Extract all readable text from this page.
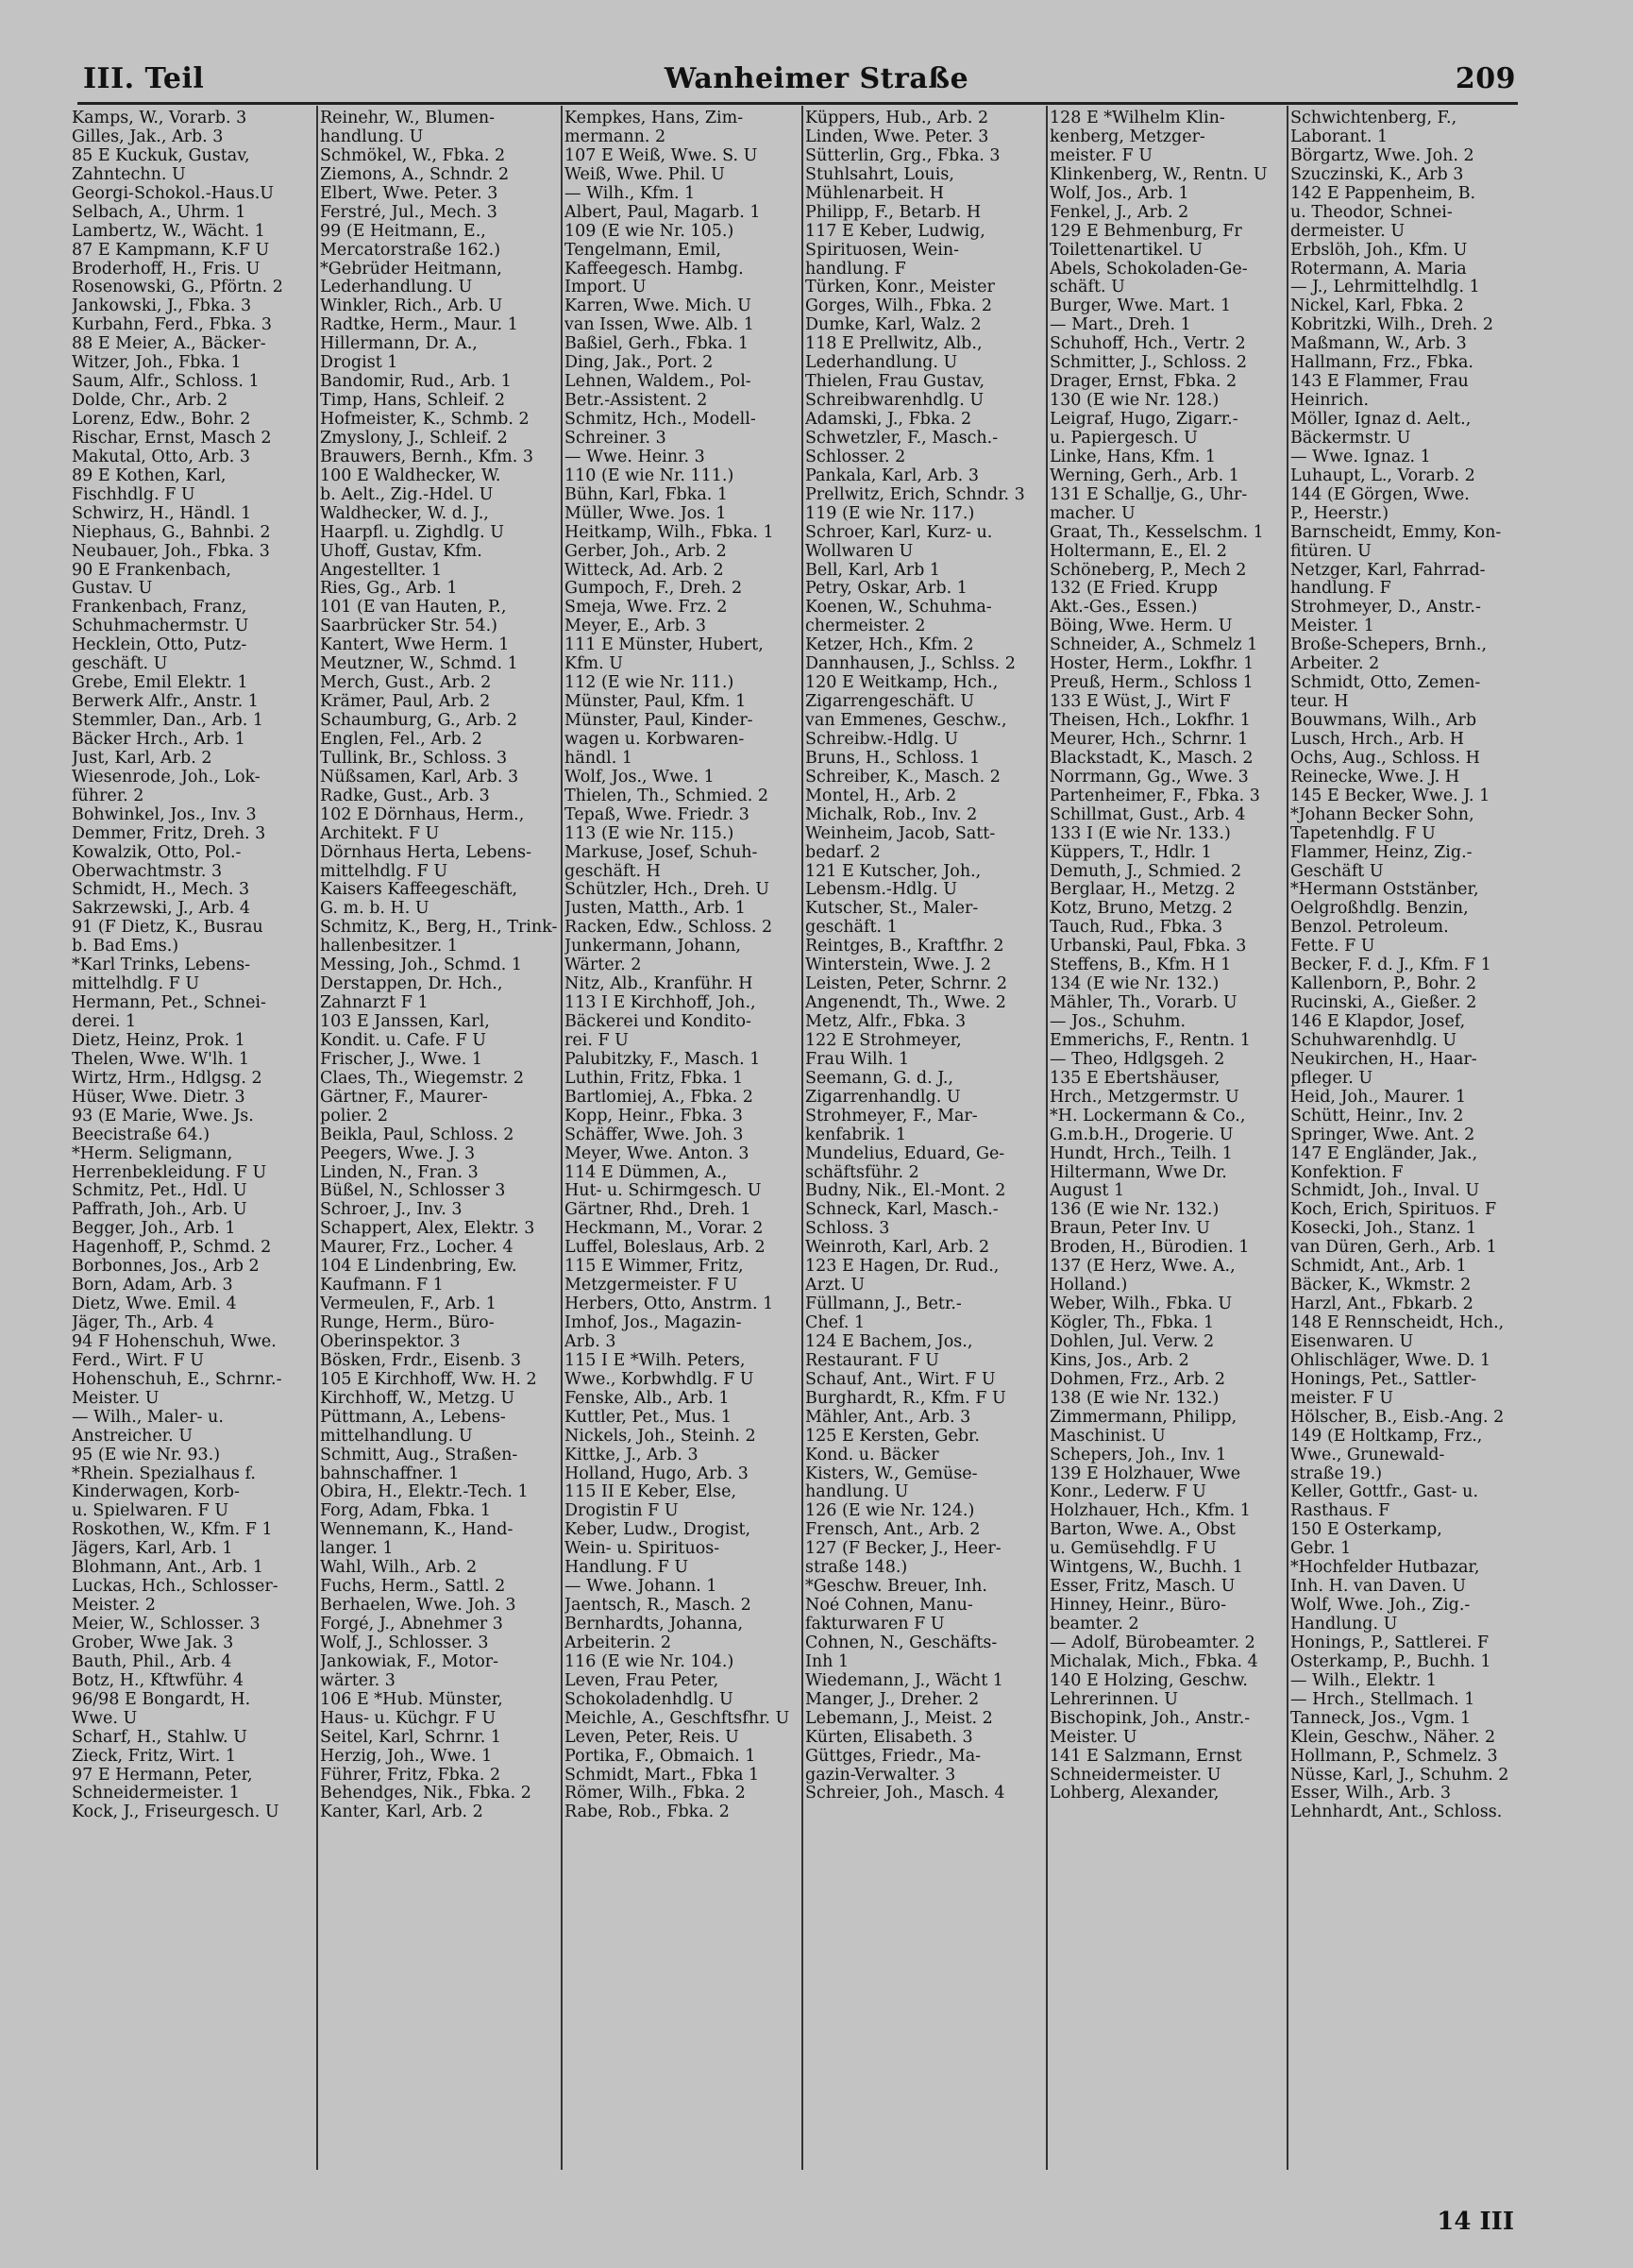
III. Teil	Wanheimer Straße	209
Kamps, W., Vorarb. 3
Gilles, Jak., Arb. 3
85 E Kuckuk, Gustav,
Zahntechn. U
Georgi-Schokol.-Haus.U
Selbach, A., Uhrm. 1
Lambertz, W., Wächt. 1
87 E Kampmann, K.F U
Broderhoff, H., Fris. U
Rosenowski, G., Pförtn. 2
Jankowski, J., Fbka. 3
Kurbahn, Ferd., Fbka. 3
88 E Meier, A., Bäcker-
Witzer, Joh., Fbka. 1
Saum, Alfr., Schloss. 1
Dolde, Chr., Arb. 2
Lorenz, Edw., Bohr. 2
Rischar, Ernst, Masch 2
Makutal, Otto, Arb. 3
89 E Kothen, Karl,
Fischhdlg. F U
Schwirz, H., Händl. 1
Niephaus, G., Bahnbi. 2
Neubauer, Joh., Fbka. 3
90 E Frankenbach,
Gustav. U
Frankenbach, Franz,
Schuhmachermstr. U
Hecklein, Otto, Putz-
geschäft. U
Grebe, Emil Elektr. 1
Berwerk Alfr., Anstr. 1
Stemmler, Dan., Arb. 1
Bäcker Hrch., Arb. 1
Just, Karl, Arb. 2
Wiesenrode, Joh., Lok-
führer. 2
Bohwinkel, Jos., Inv. 3
Demmer, Fritz, Dreh. 3
Kowalzik, Otto, Pol.-
Oberwachtmstr. 3
Schmidt, H., Mech. 3
Sakrzewski, J., Arb. 4
91 (F Dietz, K., Busrau
b. Bad Ems.)
*Karl Trinks, Lebens-
mittelhdlg. F U
Hermann, Pet., Schnei-
derei. 1
Dietz, Heinz, Prok. 1
Thelen, Wwe. W'lh. 1
Wirtz, Hrm., Hdlgsg. 2
Hüser, Wwe. Dietr. 3
93 (E Marie, Wwe. Js.
Beecistraße 64.)
*Herm. Seligmann,
Herrenbekleidung. F U
Schmitz, Pet., Hdl. U
Paffrath, Joh., Arb. U
Begger, Joh., Arb. 1
Hagenhoff, P., Schmd. 2
Borbonnes, Jos., Arb 2
Born, Adam, Arb. 3
Dietz, Wwe. Emil. 4
Jäger, Th., Arb. 4
94 F Hohenschuh, Wwe.
Ferd., Wirt. F U
Hohenschuh, E., Schrnr.-
Meister. U
— Wilh., Maler- u.
Anstreicher. U
95 (E wie Nr. 93.)
*Rhein. Spezialhaus f.
Kinderwagen, Korb-
u. Spielwaren. F U
Roskothen, W., Kfm. F 1
Jägers, Karl, Arb. 1
Blohmann, Ant., Arb. 1
Luckas, Hch., Schlosser-
Meister. 2
Meier, W., Schlosser. 3
Grober, Wwe Jak. 3
Bauth, Phil., Arb. 4
Botz, H., Kftwführ. 4
96/98 E Bongardt, H.
Wwe. U
Scharf, H., Stahlw. U
Zieck, Fritz, Wirt. 1
97 E Hermann, Peter,
Schneidermeister. 1
Kock, J., Friseurgesch. U
Reinehr, W., Blumen-
handlung. U
Schmökel, W., Fbka. 2
Ziemons, A., Schndr. 2
Elbert, Wwe. Peter. 3
Ferstré, Jul., Mech. 3
99 (E Heitmann, E.,
Mercatorstraße 162.)
*Gebrüder Heitmann,
Lederhandlung. U
Winkler, Rich., Arb. U
Radtke, Herm., Maur. 1
Hillermann, Dr. A.,
Drogist 1
Bandomir, Rud., Arb. 1
Timp, Hans, Schleif. 2
Hofmeister, K., Schmb. 2
Zmyslony, J., Schleif. 2
Brauwers, Bernh., Kfm. 3
100 E Waldhecker, W.
b. Aelt., Zig.-Hdel. U
Waldhecker, W. d. J.,
Haarpfl. u. Zighdlg. U
Uhoff, Gustav, Kfm.
Angestellter. 1
Ries, Gg., Arb. 1
101 (E van Hauten, P.,
Saarbrücker Str. 54.)
Kantert, Wwe Herm. 1
Meutzner, W., Schmd. 1
Merch, Gust., Arb. 2
Krämer, Paul, Arb. 2
Schaumburg, G., Arb. 2
Englen, Fel., Arb. 2
Tullink, Br., Schloss. 3
Nüßsamen, Karl, Arb. 3
Radke, Gust., Arb. 3
102 E Dörnhaus, Herm.,
Architekt. F U
Dörnhaus Herta, Lebens-
mittelhdlg. F U
Kaisers Kaffeegeschäft,
G. m. b. H. U
Schmitz, K., Berg, H., Trink-
hallenbesitzer. 1
Messing, Joh., Schmd. 1
Derstappen, Dr. Hch.,
Zahnarzt F 1
103 E Janssen, Karl,
Kondit. u. Cafe. F U
Frischer, J., Wwe. 1
Claes, Th., Wiegemstr. 2
Gärtner, F., Maurer-
polier. 2
Beikla, Paul, Schloss. 2
Peegers, Wwe. J. 3
Linden, N., Fran. 3
Büßel, N., Schlosser 3
Schroer, J., Inv. 3
Schappert, Alex, Elektr. 3
Maurer, Frz., Locher. 4
104 E Lindenbring, Ew.
Kaufmann. F 1
Vermeulen, F., Arb. 1
Runge, Herm., Büro-
Oberinspektor. 3
Bösken, Frdr., Eisenb. 3
105 E Kirchhoff, Ww. H. 2
Kirchhoff, W., Metzg. U
Püttmann, A., Lebens-
mittelhandlung. U
Schmitt, Aug., Straßen-
bahnschaffner. 1
Obira, H., Elektr.-Tech. 1
Forg, Adam, Fbka. 1
Wennemann, K., Hand-
langer. 1
Wahl, Wilh., Arb. 2
Fuchs, Herm., Sattl. 2
Berhaelen, Wwe. Joh. 3
Forgé, J., Abnehmer 3
Wolf, J., Schlosser. 3
Jankowiak, F., Motor-
wärter. 3
106 E *Hub. Münster,
Haus- u. Küchgr. F U
Seitel, Karl, Schrnr. 1
Herzig, Joh., Wwe. 1
Führer, Fritz, Fbka. 2
Behendges, Nik., Fbka. 2
Kanter, Karl, Arb. 2
Kempkes, Hans, Zim-
mermann. 2
107 E Weiß, Wwe. S. U
Weiß, Wwe. Phil. U
— Wilh., Kfm. 1
Albert, Paul, Magarb. 1
109 (E wie Nr. 105.)
Tengelmann, Emil,
Kaffeegesch. Hambg.
Import. U
Karren, Wwe. Mich. U
van Issen, Wwe. Alb. 1
Baßiel, Gerh., Fbka. 1
Ding, Jak., Port. 2
Lehnen, Waldem., Pol-
Betr.-Assistent. 2
Schmitz, Hch., Modell-
Schreiner. 3
— Wwe. Heinr. 3
110 (E wie Nr. 111.)
Bühn, Karl, Fbka. 1
Müller, Wwe. Jos. 1
Heitkamp, Wilh., Fbka. 1
Gerber, Joh., Arb. 2
Witteck, Ad. Arb. 2
Gumpoch, F., Dreh. 2
Smeja, Wwe. Frz. 2
Meyer, E., Arb. 3
111 E Münster, Hubert,
Kfm. U
112 (E wie Nr. 111.)
Münster, Paul, Kfm. 1
Münster, Paul, Kinder-
wagen u. Korbwaren-
händl. 1
Wolf, Jos., Wwe. 1
Thielen, Th., Schmied. 2
Tepaß, Wwe. Friedr. 3
113 (E wie Nr. 115.)
Markuse, Josef, Schuh-
geschäft. H
Schützler, Hch., Dreh. U
Justen, Matth., Arb. 1
Racken, Edw., Schloss. 2
Junkermann, Johann,
Wärter. 2
Nitz, Alb., Kranführ. H
113 I E Kirchhoff, Joh.,
Bäckerei und Kondito-
rei. F U
Palubitzky, F., Masch. 1
Luthin, Fritz, Fbka. 1
Bartlomiej, A., Fbka. 2
Kopp, Heinr., Fbka. 3
Schäffer, Wwe. Joh. 3
Meyer, Wwe. Anton. 3
114 E Dümmen, A.,
Hut- u. Schirmgesch. U
Gärtner, Rhd., Dreh. 1
Heckmann, M., Vorar. 2
Luffel, Boleslaus, Arb. 2
115 E Wimmer, Fritz,
Metzgermeister. F U
Herbers, Otto, Anstrm. 1
Imhof, Jos., Magazin-
Arb. 3
115 I E *Wilh. Peters,
Wwe., Korbwhdlg. F U
Fenske, Alb., Arb. 1
Kuttler, Pet., Mus. 1
Nickels, Joh., Steinh. 2
Kittke, J., Arb. 3
Holland, Hugo, Arb. 3
115 II E Keber, Else,
Drogistin F U
Keber, Ludw., Drogist,
Wein- u. Spirituos-
Handlung. F U
— Wwe. Johann. 1
Jaentsch, R., Masch. 2
Bernhardts, Johanna,
Arbeiterin. 2
116 (E wie Nr. 104.)
Leven, Frau Peter,
Schokoladenhdlg. U
Meichle, A., Geschftsfhr. U
Leven, Peter, Reis. U
Portika, F., Obmaich. 1
Schmidt, Mart., Fbka 1
Römer, Wilh., Fbka. 2
Rabe, Rob., Fbka. 2
Küppers, Hub., Arb. 2
Linden, Wwe. Peter. 3
Sütterlin, Grg., Fbka. 3
Stuhlsahrt, Louis,
Mühlenarbeit. H
Philipp, F., Betarb. H
117 E Keber, Ludwig,
Spirituosen, Wein-
handlung. F
Türken, Konr., Meister
Gorges, Wilh., Fbka. 2
Dumke, Karl, Walz. 2
118 E Prellwitz, Alb.,
Lederhandlung. U
Thielen, Frau Gustav,
Schreibwarenhdlg. U
Adamski, J., Fbka. 2
Schwetzler, F., Masch.-
Schlosser. 2
Pankala, Karl, Arb. 3
Prellwitz, Erich, Schndr. 3
119 (E wie Nr. 117.)
Schroer, Karl, Kurz- u.
Wollwaren U
Bell, Karl, Arb 1
Petry, Oskar, Arb. 1
Koenen, W., Schuhma-
chermeister. 2
Ketzer, Hch., Kfm. 2
Dannhausen, J., Schlss. 2
120 E Weitkamp, Hch.,
Zigarrengeschäft. U
van Emmenes, Geschw.,
Schreibw.-Hdlg. U
Bruns, H., Schloss. 1
Schreiber, K., Masch. 2
Montel, H., Arb. 2
Michalk, Rob., Inv. 2
Weinheim, Jacob, Satt-
bedarf. 2
121 E Kutscher, Joh.,
Lebensm.-Hdlg. U
Kutscher, St., Maler-
geschäft. 1
Reintges, B., Kraftfhr. 2
Winterstein, Wwe. J. 2
Leisten, Peter, Schrnr. 2
Angenendt, Th., Wwe. 2
Metz, Alfr., Fbka. 3
122 E Strohmeyer,
Frau Wilh. 1
Seemann, G. d. J.,
Zigarrenhandlg. U
Strohmeyer, F., Mar-
kenfabrik. 1
Mundelius, Eduard, Ge-
schäftsführ. 2
Budny, Nik., El.-Mont. 2
Schneck, Karl, Masch.-
Schloss. 3
Weinroth, Karl, Arb. 2
123 E Hagen, Dr. Rud.,
Arzt. U
Füllmann, J., Betr.-
Chef. 1
124 E Bachem, Jos.,
Restaurant. F U
Schauf, Ant., Wirt. F U
Burghardt, R., Kfm. F U
Mähler, Ant., Arb. 3
125 E Kersten, Gebr.
Kond. u. Bäcker
Kisters, W., Gemüse-
handlung. U
126 (E wie Nr. 124.)
Frensch, Ant., Arb. 2
127 (F Becker, J., Heer-
straße 148.)
*Geschw. Breuer, Inh.
Noé Cohnen, Manu-
fakturwaren F U
Cohnen, N., Geschäfts-
Inh 1
Wiedemann, J., Wächt 1
Manger, J., Dreher. 2
Lebemann, J., Meist. 2
Kürten, Elisabeth. 3
Güttges, Friedr., Ma-
gazin-Verwalter. 3
Schreier, Joh., Masch. 4
128 E *Wilhelm Klin-
kenberg, Metzger-
meister. F U
Klinkenberg, W., Rentn. U
Wolf, Jos., Arb. 1
Fenkel, J., Arb. 2
129 E Behmenburg, Fr
Toilettenartikel. U
Abels, Schokoladen-Ge-
schäft. U
Burger, Wwe. Mart. 1
— Mart., Dreh. 1
Schuhoff, Hch., Vertr. 2
Schmitter, J., Schloss. 2
Drager, Ernst, Fbka. 2
130 (E wie Nr. 128.)
Leigraf, Hugo, Zigarr.-
u. Papiergesch. U
Linke, Hans, Kfm. 1
Werning, Gerh., Arb. 1
131 E Schallje, G., Uhr-
macher. U
Graat, Th., Kesselschm. 1
Holtermann, E., El. 2
Schöneberg, P., Mech 2
132 (E Fried. Krupp
Akt.-Ges., Essen.)
Böing, Wwe. Herm. U
Schneider, A., Schmelz 1
Hoster, Herm., Lokfhr. 1
Preuß, Herm., Schloss 1
133 E Wüst, J., Wirt F
Theisen, Hch., Lokfhr. 1
Meurer, Hch., Schrnr. 1
Blackstadt, K., Masch. 2
Norrmann, Gg., Wwe. 3
Partenheimer, F., Fbka. 3
Schillmat, Gust., Arb. 4
133 I (E wie Nr. 133.)
Küppers, T., Hdlr. 1
Demuth, J., Schmied. 2
Berglaar, H., Metzg. 2
Kotz, Bruno, Metzg. 2
Tauch, Rud., Fbka. 3
Urbanski, Paul, Fbka. 3
Steffens, B., Kfm. H 1
134 (E wie Nr. 132.)
Mähler, Th., Vorarb. U
— Jos., Schuhm.
Emmerichs, F., Rentn. 1
— Theo, Hdlgsgeh. 2
135 E Ebertshäuser,
Hrch., Metzgermstr. U
*H. Lockermann & Co.,
G.m.b.H., Drogerie. U
Hundt, Hrch., Teilh. 1
Hiltermann, Wwe Dr.
August 1
136 (E wie Nr. 132.)
Braun, Peter Inv. U
Broden, H., Bürodien. 1
137 (E Herz, Wwe. A.,
Holland.)
Weber, Wilh., Fbka. U
Kögler, Th., Fbka. 1
Dohlen, Jul. Verw. 2
Kins, Jos., Arb. 2
Dohmen, Frz., Arb. 2
138 (E wie Nr. 132.)
Zimmermann, Philipp,
Maschinist. U
Schepers, Joh., Inv. 1
139 E Holzhauer, Wwe
Konr., Lederw. F U
Holzhauer, Hch., Kfm. 1
Barton, Wwe. A., Obst
u. Gemüsehdlg. F U
Wintgens, W., Buchh. 1
Esser, Fritz, Masch. U
Hinney, Heinr., Büro-
beamter. 2
— Adolf, Bürobeamter. 2
Michalak, Mich., Fbka. 4
140 E Holzing, Geschw.
Lehrerinnen. U
Bischopink, Joh., Anstr.-
Meister. U
141 E Salzmann, Ernst
Schneidermeister. U
Lohberg, Alexander,
Schwichtenberg, F.,
Laborant. 1
Börgartz, Wwe. Joh. 2
Szuczinski, K., Arb 3
142 E Pappenheim, B.
u. Theodor, Schnei-
dermeister. U
Erbslöh, Joh., Kfm. U
Rotermann, A. Maria
— J., Lehrmittelhdlg. 1
Nickel, Karl, Fbka. 2
Kobritzki, Wilh., Dreh. 2
Maßmann, W., Arb. 3
Hallmann, Frz., Fbka.
143 E Flammer, Frau
Heinrich.
Möller, Ignaz d. Aelt.,
Bäckermstr. U
— Wwe. Ignaz. 1
Luhaupt, L., Vorarb. 2
144 (E Görgen, Wwe.
P., Heerstr.)
Barnscheidt, Emmy, Kon-
fitüren. U
Netzger, Karl, Fahrrad-
handlung. F
Strohmeyer, D., Anstr.-
Meister. 1
Broße-Schepers, Brnh.,
Arbeiter. 2
Schmidt, Otto, Zemen-
teur. H
Bouwmans, Wilh., Arb
Lusch, Hrch., Arb. H
Ochs, Aug., Schloss. H
Reinecke, Wwe. J. H
145 E Becker, Wwe. J. 1
*Johann Becker Sohn,
Tapetenhdlg. F U
Flammer, Heinz, Zig.-
Geschäft U
*Hermann Oststänber,
Oelgroßhdlg. Benzin,
Benzol. Petroleum.
Fette. F U
Becker, F. d. J., Kfm. F 1
Kallenborn, P., Bohr. 2
Rucinski, A., Gießer. 2
146 E Klapdor, Josef,
Schuhwarenhdlg. U
Neukirchen, H., Haar-
pfleger. U
Heid, Joh., Maurer. 1
Schütt, Heinr., Inv. 2
Springer, Wwe. Ant. 2
147 E Engländer, Jak.,
Konfektion. F
Schmidt, Joh., Inval. U
Koch, Erich, Spirituos. F
Kosecki, Joh., Stanz. 1
van Düren, Gerh., Arb. 1
Schmidt, Ant., Arb. 1
Bäcker, K., Wkmstr. 2
Harzl, Ant., Fbkarb. 2
148 E Rennscheidt, Hch.,
Eisenwaren. U
Ohlischläger, Wwe. D. 1
Honings, Pet., Sattler-
meister. F U
Hölscher, B., Eisb.-Ang. 2
149 (E Holtkamp, Frz.,
Wwe., Grunewald-
straße 19.)
Keller, Gottfr., Gast- u.
Rasthaus. F
150 E Osterkamp,
Gebr. 1
*Hochfelder Hutbazar,
Inh. H. van Daven. U
Wolf, Wwe. Joh., Zig.-
Handlung. U
Honings, P., Sattlerei. F
Osterkamp, P., Buchh. 1
— Wilh., Elektr. 1
— Hrch., Stellmach. 1
Tanneck, Jos., Vgm. 1
Klein, Geschw., Näher. 2
Hollmann, P., Schmelz. 3
Nüsse, Karl, J., Schuhm. 2
Esser, Wilh., Arb. 3
Lehnhardt, Ant., Schloss.
14 III
